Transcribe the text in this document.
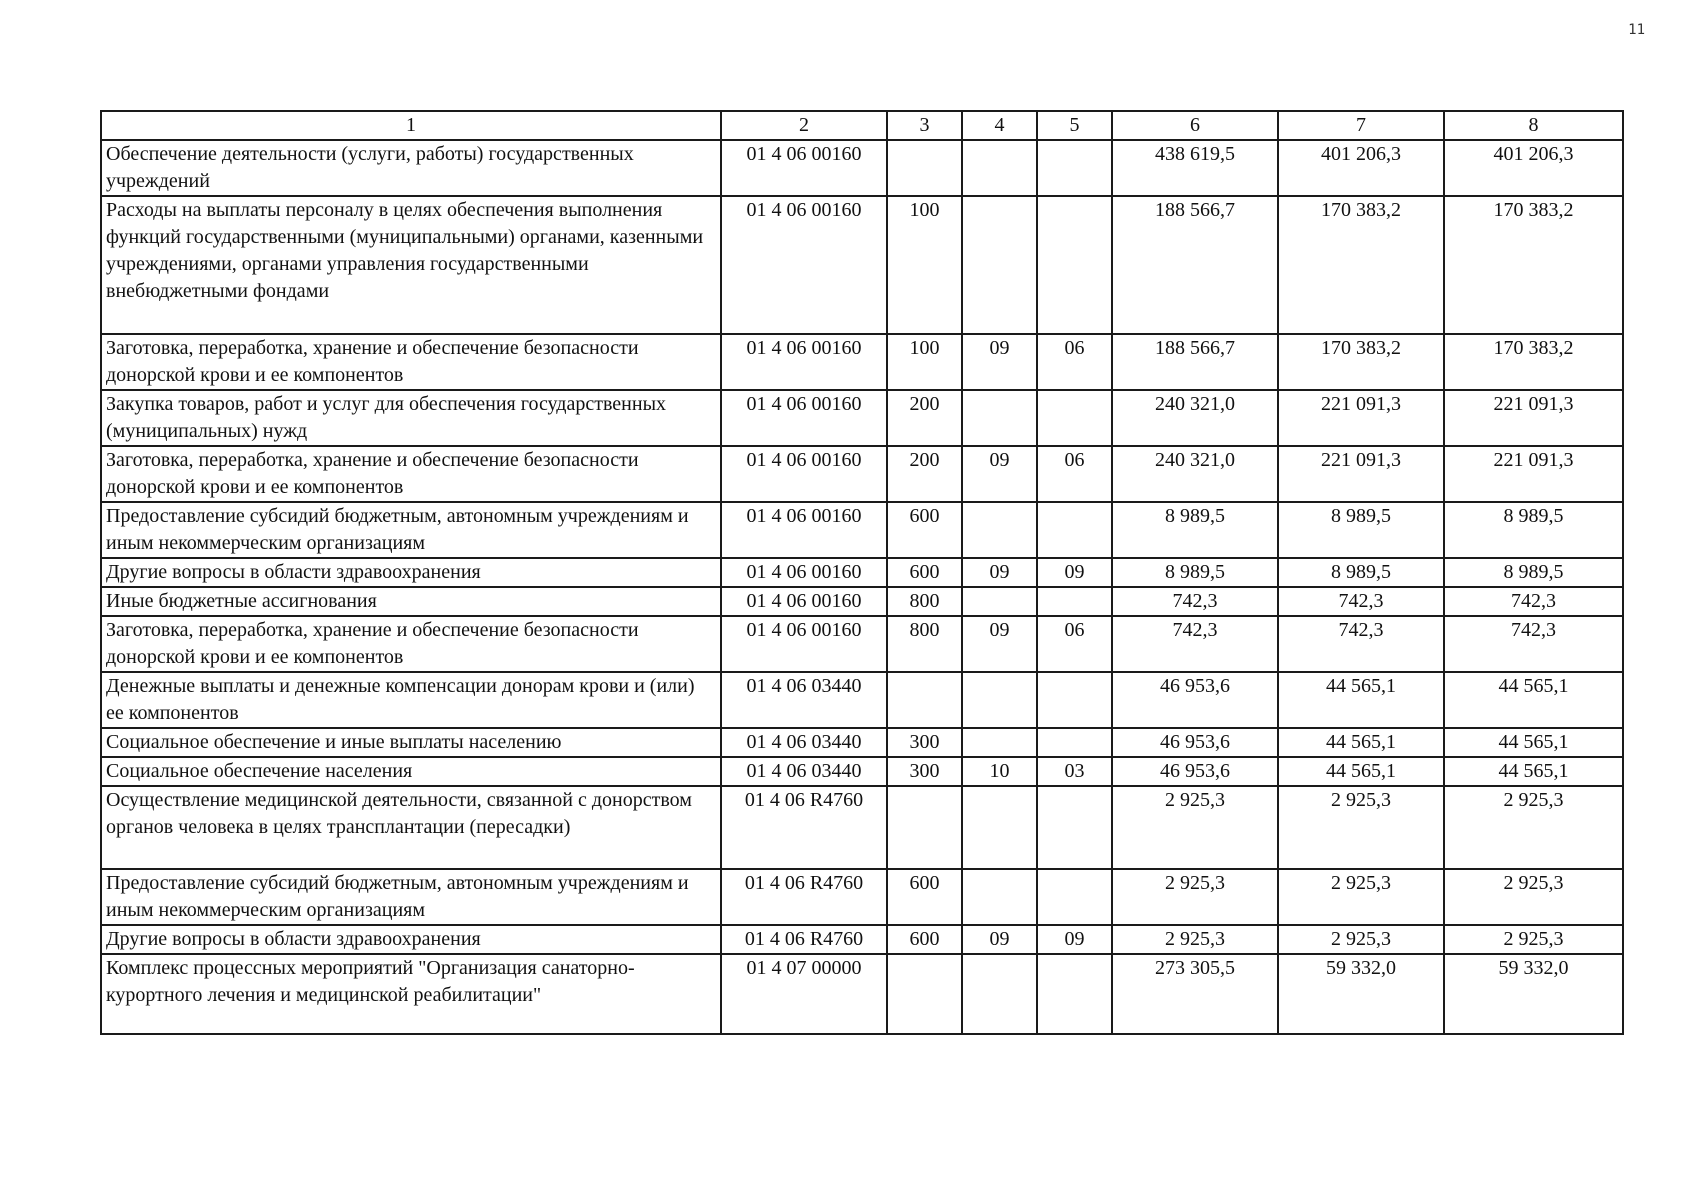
11
1	2	3	4	5	6	7	8
Обеспечение деятельности (услуги, работы) государственных учреждений	01 4 06 00160				438 619,5	401 206,3	401 206,3
Расходы на выплаты персоналу в целях обеспечения выполнения функций государственными (муниципальными) органами, казенными учреждениями, органами управления государственными внебюджетными фондами	01 4 06 00160	100			188 566,7	170 383,2	170 383,2
Заготовка, переработка, хранение и обеспечение безопасности донорской крови и ее компонентов	01 4 06 00160	100	09	06	188 566,7	170 383,2	170 383,2
Закупка товаров, работ и услуг для обеспечения государственных (муниципальных) нужд	01 4 06 00160	200			240 321,0	221 091,3	221 091,3
Заготовка, переработка, хранение и обеспечение безопасности донорской крови и ее компонентов	01 4 06 00160	200	09	06	240 321,0	221 091,3	221 091,3
Предоставление субсидий бюджетным, автономным учреждениям и иным некоммерческим организациям	01 4 06 00160	600			8 989,5	8 989,5	8 989,5
Другие вопросы в области здравоохранения	01 4 06 00160	600	09	09	8 989,5	8 989,5	8 989,5
Иные бюджетные ассигнования	01 4 06 00160	800			742,3	742,3	742,3
Заготовка, переработка, хранение и обеспечение безопасности донорской крови и ее компонентов	01 4 06 00160	800	09	06	742,3	742,3	742,3
Денежные выплаты и денежные компенсации донорам крови и (или) ее компонентов	01 4 06 03440				46 953,6	44 565,1	44 565,1
Социальное обеспечение и иные выплаты населению	01 4 06 03440	300			46 953,6	44 565,1	44 565,1
Социальное обеспечение населения	01 4 06 03440	300	10	03	46 953,6	44 565,1	44 565,1
Осуществление медицинской деятельности, связанной с донорством органов человека в целях трансплантации (пересадки)	01 4 06 R4760				2 925,3	2 925,3	2 925,3
Предоставление субсидий бюджетным, автономным учреждениям и иным некоммерческим организациям	01 4 06 R4760	600			2 925,3	2 925,3	2 925,3
Другие вопросы в области здравоохранения	01 4 06 R4760	600	09	09	2 925,3	2 925,3	2 925,3
Комплекс процессных мероприятий "Организация санаторно-курортного лечения и медицинской реабилитации"	01 4 07 00000				273 305,5	59 332,0	59 332,0
